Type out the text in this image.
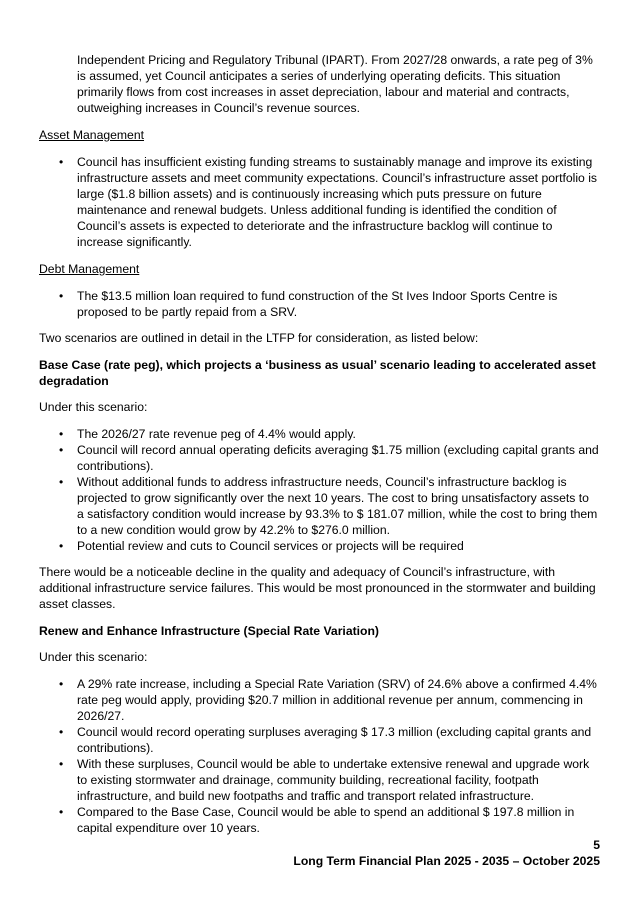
Independent Pricing and Regulatory Tribunal (IPART). From 2027/28 onwards, a rate peg of 3% is assumed, yet Council anticipates a series of underlying operating deficits. This situation primarily flows from cost increases in asset depreciation, labour and material and contracts, outweighing increases in Council’s revenue sources.

Asset Management

• Council has insufficient existing funding streams to sustainably manage and improve its existing infrastructure assets and meet community expectations. Council’s infrastructure asset portfolio is large ($1.8 billion assets) and is continuously increasing which puts pressure on future maintenance and renewal budgets. Unless additional funding is identified the condition of Council’s assets is expected to deteriorate and the infrastructure backlog will continue to increase significantly.

Debt Management

• The $13.5 million loan required to fund construction of the St Ives Indoor Sports Centre is proposed to be partly repaid from a SRV.

Two scenarios are outlined in detail in the LTFP for consideration, as listed below:

Base Case (rate peg), which projects a ‘business as usual’ scenario leading to accelerated asset degradation

Under this scenario:

• The 2026/27 rate revenue peg of 4.4% would apply.
• Council will record annual operating deficits averaging $1.75 million (excluding capital grants and contributions).
• Without additional funds to address infrastructure needs, Council’s infrastructure backlog is projected to grow significantly over the next 10 years. The cost to bring unsatisfactory assets to a satisfactory condition would increase by 93.3% to $ 181.07 million, while the cost to bring them to a new condition would grow by 42.2% to $276.0 million.
• Potential review and cuts to Council services or projects will be required

There would be a noticeable decline in the quality and adequacy of Council’s infrastructure, with additional infrastructure service failures. This would be most pronounced in the stormwater and building asset classes.

Renew and Enhance Infrastructure (Special Rate Variation)

Under this scenario:

• A 29% rate increase, including a Special Rate Variation (SRV) of 24.6% above a confirmed 4.4% rate peg would apply, providing $20.7 million in additional revenue per annum, commencing in 2026/27.
• Council would record operating surpluses averaging $ 17.3 million (excluding capital grants and contributions).
• With these surpluses, Council would be able to undertake extensive renewal and upgrade work to existing stormwater and drainage, community building, recreational facility, footpath infrastructure, and build new footpaths and traffic and transport related infrastructure.
• Compared to the Base Case, Council would be able to spend an additional $ 197.8 million in capital expenditure over 10 years.
5
Long Term Financial Plan 2025 - 2035 – October 2025
